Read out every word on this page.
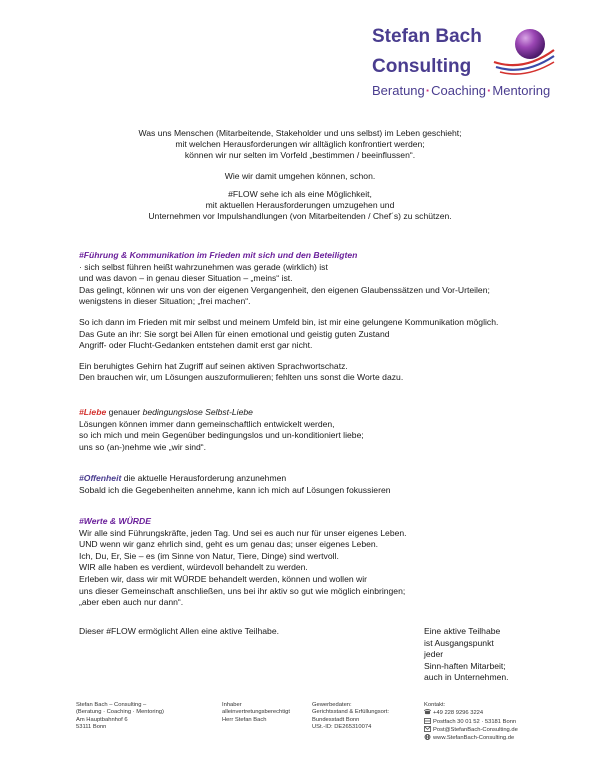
Stefan Bach
Consulting
Beratung·Coaching·Mentoring
Was uns Menschen (Mitarbeitende, Stakeholder und uns selbst) im Leben geschieht;
mit welchen Herausforderungen wir alltäglich konfrontiert werden;
können wir nur selten im Vorfeld „bestimmen / beeinflussen“.
Wie wir damit umgehen können, schon.
#FLOW sehe ich als eine Möglichkeit,
mit aktuellen Herausforderungen umzugehen und
Unternehmen vor Impulshandlungen (von Mitarbeitenden / Chef´s) zu schützen.
#Führung & Kommunikation im Frieden mit sich und den Beteiligten
· sich selbst führen heißt wahrzunehmen was gerade (wirklich) ist
und was davon – in genau dieser Situation – „meins“ ist.
Das gelingt, können wir uns von der eigenen Vergangenheit, den eigenen Glaubenssätzen und Vor-Urteilen;
wenigstens in dieser Situation; „frei machen“.
So ich dann im Frieden mit mir selbst und meinem Umfeld bin, ist mir eine gelungene Kommunikation möglich.
Das Gute an ihr: Sie sorgt bei Allen für einen emotional und geistig guten Zustand
Angriff- oder Flucht-Gedanken entstehen damit erst gar nicht.
Ein beruhigtes Gehirn hat Zugriff auf seinen aktiven Sprachwortschatz.
Den brauchen wir, um Lösungen auszuformulieren; fehlten uns sonst die Worte dazu.
#Liebe genauer bedingungslose Selbst-Liebe
Lösungen können immer dann gemeinschaftlich entwickelt werden,
so ich mich und mein Gegenüber bedingungslos und un-konditioniert liebe;
uns so (an-)nehme wie „wir sind“.
#Offenheit die aktuelle Herausforderung anzunehmen
Sobald ich die Gegebenheiten annehme, kann ich mich auf Lösungen fokussieren
#Werte & WÜRDE
Wir alle sind Führungskräfte, jeden Tag. Und sei es auch nur für unser eigenes Leben.
UND wenn wir ganz ehrlich sind, geht es um genau das; unser eigenes Leben.
Ich, Du, Er, Sie – es (im Sinne von Natur, Tiere, Dinge) sind wertvoll.
WIR alle haben es verdient, würdevoll behandelt zu werden.
Erleben wir, dass wir mit WÜRDE behandelt werden, können und wollen wir
uns dieser Gemeinschaft anschließen, uns bei ihr aktiv so gut wie möglich einbringen;
„aber eben auch nur dann“.
Dieser #FLOW ermöglicht Allen eine aktive Teilhabe.	Eine aktive Teilhabe
ist Ausgangspunkt
jeder
Sinn-haften Mitarbeit;
auch in Unternehmen.
Stefan Bach – Consulting –
(Beratung · Coaching · Mentoring)
Am Hauptbahnhof 6
53111 Bonn
Inhaber
alleinvertretungsberechtigt
Herr Stefan Bach
Gewerbedaten:
Gerichtsstand & Erfüllungsort:
Bundesstadt Bonn
USt.-ID: DE265310074
Kontakt:
+49 228 9296 3224
Postfach 30 01 52 · 53181 Bonn
Post@StefanBach-Consulting.de
www.StefanBach-Consulting.de
